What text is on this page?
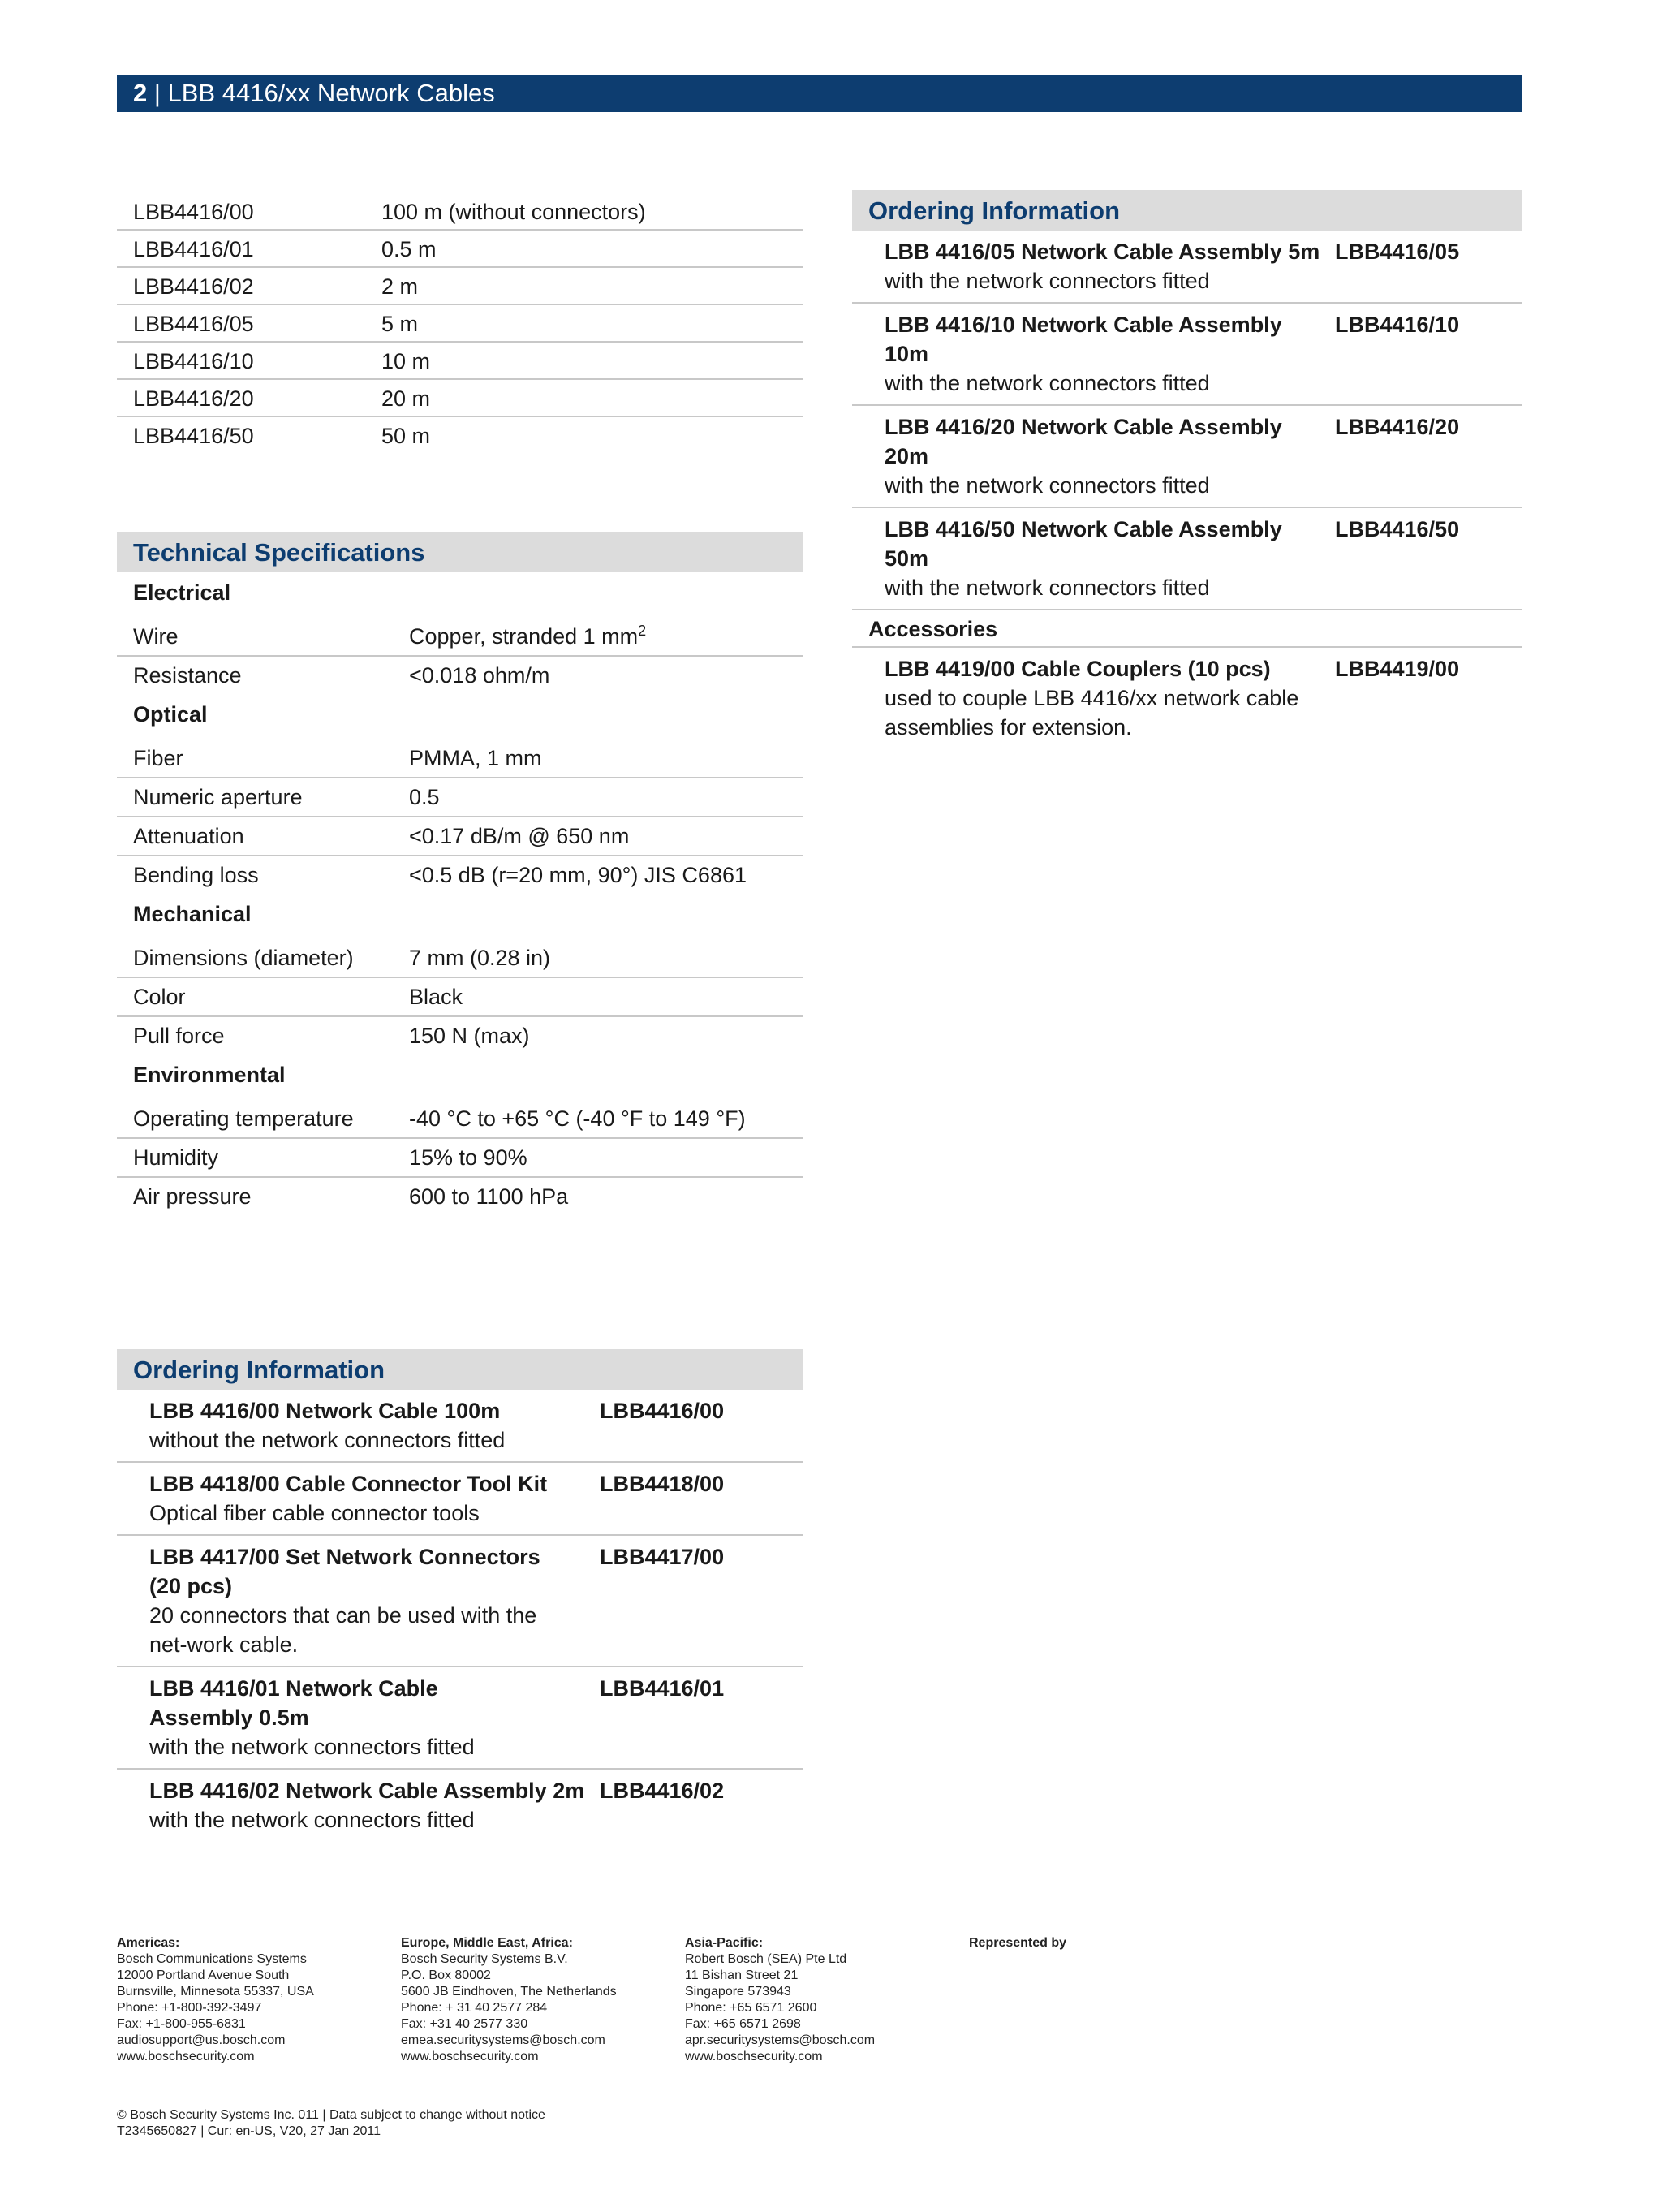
2 | LBB 4416/xx Network Cables
LBB4416/00	100 m (without connectors)
LBB4416/01	0.5 m
LBB4416/02	2 m
LBB4416/05	5 m
LBB4416/10	10 m
LBB4416/20	20 m
LBB4416/50	50 m
Technical Specifications
Electrical
Wire	Copper, stranded 1 $mm^2$
Resistance	<0.018 ohm/m
Optical
Fiber	PMMA, 1 mm
Numeric aperture	0.5
Attenuation	<0.17 dB/m @ 650 nm
Bending loss	<0.5 dB (r=20 mm, 90°) JIS C6861
Mechanical
Dimensions (diameter)	7 mm (0.28 in)
Color	Black
Pull force	150 N (max)
Environmental
Operating temperature	-40 °C to +65 °C (-40 °F to 149 °F)
Humidity	15% to 90%
Air pressure	600 to 1100 hPa
Ordering Information
LBB 4416/00 Network Cable 100m
without the network connectors fitted
LBB4416/00
LBB 4418/00 Cable Connector Tool Kit
Optical fiber cable connector tools
LBB4418/00
LBB 4417/00 Set Network Connectors (20 pcs)
20 connectors that can be used with the net-work cable.
LBB4417/00
LBB 4416/01 Network Cable Assembly 0.5m
with the network connectors fitted
LBB4416/01
LBB 4416/02 Network Cable Assembly 2m
with the network connectors fitted
LBB4416/02
Ordering Information
LBB 4416/05 Network Cable Assembly 5m
with the network connectors fitted
LBB4416/05
LBB 4416/10 Network Cable Assembly 10m
with the network connectors fitted
LBB4416/10
LBB 4416/20 Network Cable Assembly 20m
with the network connectors fitted
LBB4416/20
LBB 4416/50 Network Cable Assembly 50m
with the network connectors fitted
LBB4416/50
Accessories
LBB 4419/00 Cable Couplers (10 pcs)
used to couple LBB 4416/xx network cable assemblies for extension.
LBB4419/00
Americas:
Bosch Communications Systems
12000 Portland Avenue South
Burnsville, Minnesota 55337, USA
Phone: +1-800-392-3497
Fax: +1-800-955-6831
audiosupport@us.bosch.com
www.boschsecurity.com
Europe, Middle East, Africa:
Bosch Security Systems B.V.
P.O. Box 80002
5600 JB Eindhoven, The Netherlands
Phone: + 31 40 2577 284
Fax: +31 40 2577 330
emea.securitysystems@bosch.com
www.boschsecurity.com
Asia-Pacific:
Robert Bosch (SEA) Pte Ltd
11 Bishan Street 21
Singapore 573943
Phone: +65 6571 2600
Fax: +65 6571 2698
apr.securitysystems@bosch.com
www.boschsecurity.com
Represented by
© Bosch Security Systems Inc. 011 | Data subject to change without notice
T2345650827 | Cur: en-US, V20, 27 Jan 2011
